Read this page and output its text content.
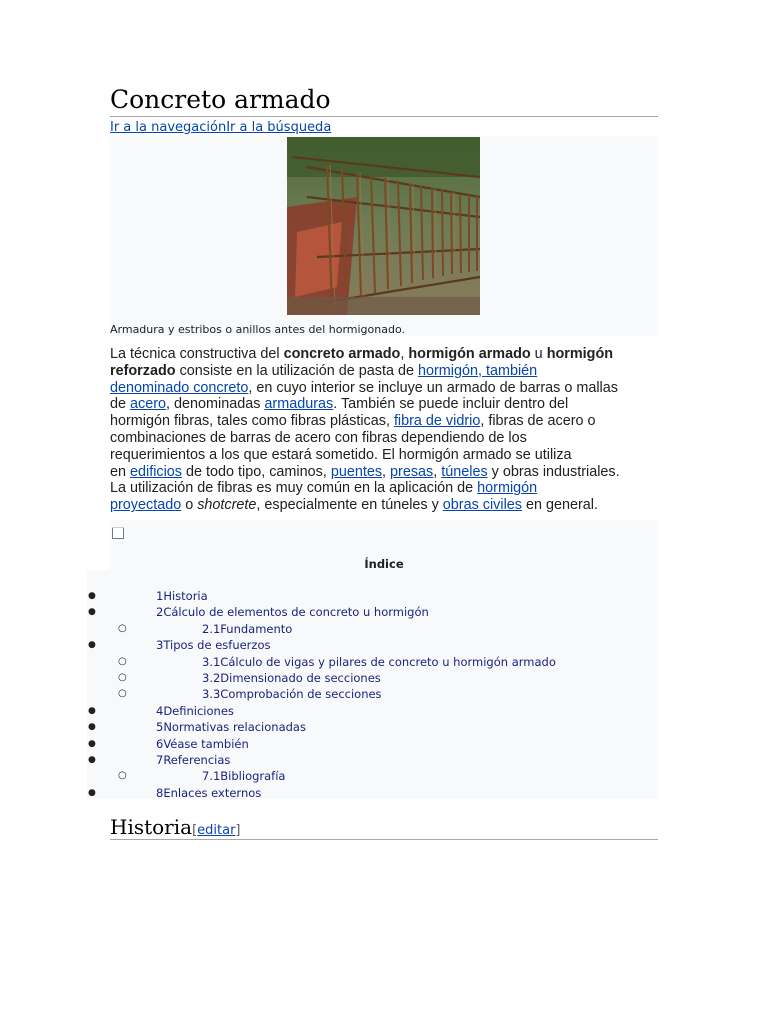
Concreto armado
Ir a la navegaciónIr a la búsqueda
Armadura y estribos o anillos antes del hormigonado.

La técnica constructiva del concreto armado, hormigón armado u hormigón
reforzado consiste en la utilización de pasta de hormigón, también
denominado concreto, en cuyo interior se incluye un armado de barras o mallas
de acero, denominadas armaduras. También se puede incluir dentro del
hormigón fibras, tales como fibras plásticas, fibra de vidrio, fibras de acero o
combinaciones de barras de acero con fibras dependiendo de los
requerimientos a los que estará sometido. El hormigón armado se utiliza
en edificios de todo tipo, caminos, puentes, presas, túneles y obras industriales.
La utilización de fibras es muy común en la aplicación de hormigón
proyectado o shotcrete, especialmente en túneles y obras civiles en general.

Índice
●	1Historia
●	2Cálculo de elementos de concreto u hormigón
○	2.1Fundamento
●	3Tipos de esfuerzos
○	3.1Cálculo de vigas y pilares de concreto u hormigón armado
○	3.2Dimensionado de secciones
○	3.3Comprobación de secciones
●	4Definiciones
●	5Normativas relacionadas
●	6Véase también
●	7Referencias
○	7.1Bibliografía
●	8Enlaces externos
Historia[editar]
